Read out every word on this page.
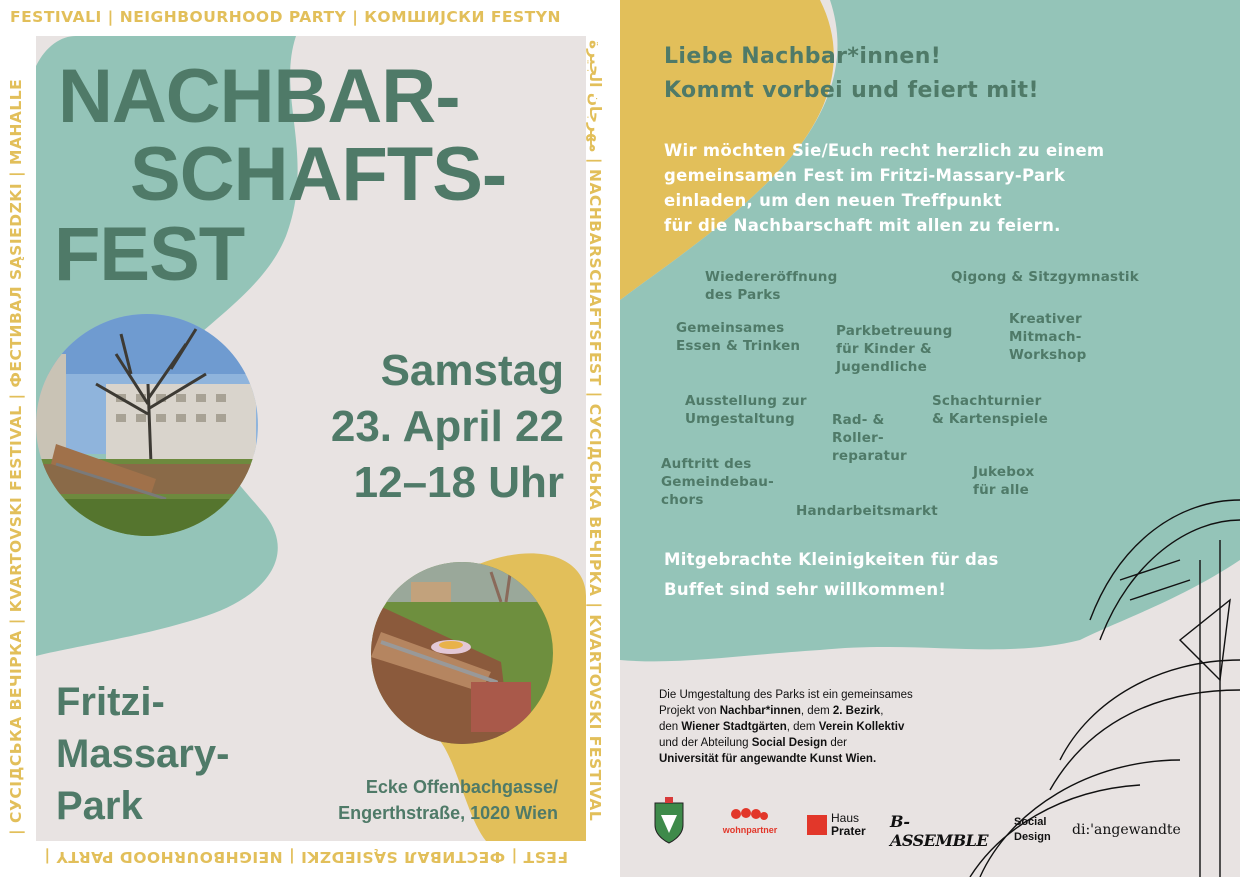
FESTIVALI | NEIGHBOURHOOD PARTY | КОМШИЈСКИ FESTYN
مهرجان الجيرة | NACHBARSCHAFTSFEST | CУСІДСЬКА ВЕЧІРКА | KVARTOVSKI FESTIVAL
FEST | ФЕСТИВАЛ SĄSIEDZKI | NEIGHBOURHOOD PARTY |
| CУСІДСЬКА ВЕЧІРКА | KVARTOVSKI FESTIVAL | ФЕСТИВАЛ SĄSIEDZKI | MAHALLE NACHBAR-
SCHAFTS-
FEST
Samstag
23. April 22
12–18 Uhr
Fritzi-
Massary-
Park	Ecke Offenbachgasse/
Engerthstraße, 1020 Wien
Liebe Nachbar*innen!
Kommt vorbei und feiert mit!
Wir möchten Sie/Euch recht herzlich zu einem
gemeinsamen Fest im Fritzi-Massary-Park
einladen, um den neuen Treffpunkt
für die Nachbarschaft mit allen zu feiern.
Wiedereröffnung
des Parks
Qigong & Sitzgymnastik
Gemeinsames
Essen & Trinken
Parkbetreuung
für Kinder &
Jugendliche
Kreativer
Mitmach-
Workshop
Ausstellung zur
Umgestaltung	Rad- &
Roller-
reparatur
Schachturnier
& Kartenspiele
Auftritt des
Gemeindebau-
chors
Jukebox
für alle
Handarbeitsmarkt
Mitgebrachte Kleinigkeiten für das
Buffet sind sehr willkommen!
Die Umgestaltung des Parks ist ein gemeinsames
Projekt von Nachbar*innen, dem 2. Bezirk,
den Wiener Stadtgärten, dem Verein Kollektiv
und der Abteilung Social Design der
Universität für angewandte Kunst Wien.
wohnpartner
Haus
Prater B-ASSEMBLE
Social
Design	di:'angewandte
